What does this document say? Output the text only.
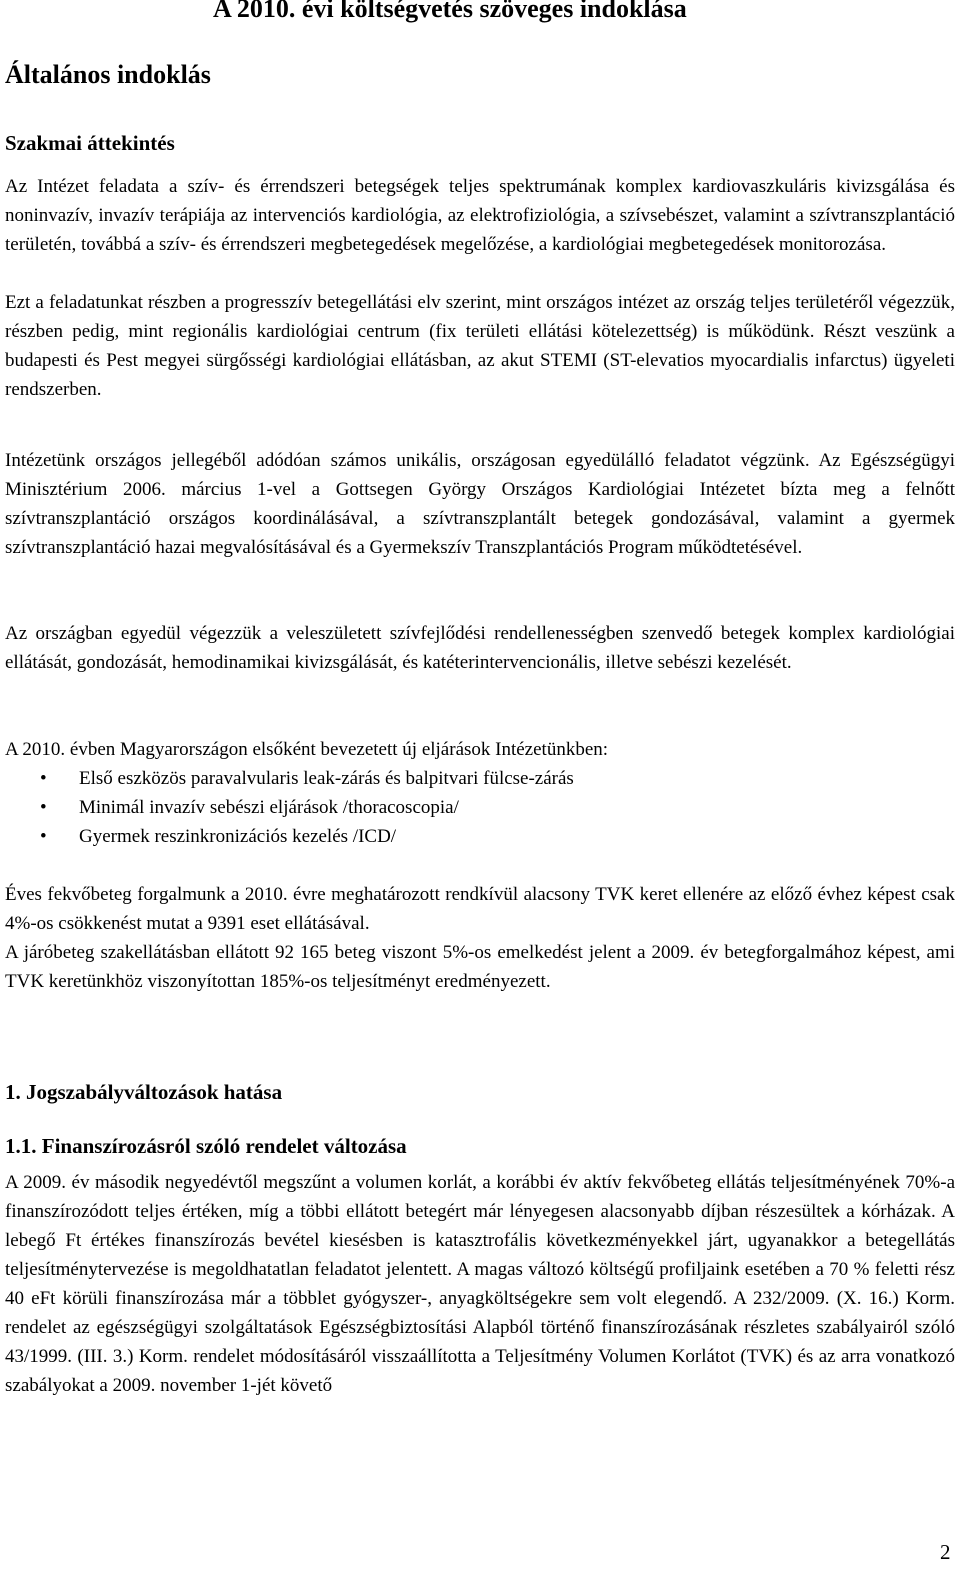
A 2010. évi költségvetés szöveges indoklása
Általános indoklás
Szakmai áttekintés

Az Intézet feladata a szív- és érrendszeri betegségek teljes spektrumának komplex kardiovaszkuláris kivizsgálása és noninvazív, invazív terápiája az intervenciós kardiológia, az elektrofiziológia, a szívsebészet, valamint a szívtranszplantáció területén, továbbá a szív- és érrendszeri megbetegedések megelőzése, a kardiológiai megbetegedések monitorozása.

Ezt a feladatunkat részben a progresszív betegellátási elv szerint, mint országos intézet az ország teljes területéről végezzük, részben pedig, mint regionális kardiológiai centrum (fix területi ellátási kötelezettség) is működünk. Részt veszünk a budapesti és Pest megyei sürgősségi kardiológiai ellátásban, az akut STEMI (ST-elevatios myocardialis infarctus) ügyeleti rendszerben.

Intézetünk országos jellegéből adódóan számos unikális, országosan egyedülálló feladatot végzünk. Az Egészségügyi Minisztérium 2006. március 1-vel a Gottsegen György Országos Kardiológiai Intézetet bízta meg a felnőtt szívtranszplantáció országos koordinálásával, a szívtranszplantált betegek gondozásával, valamint a gyermek szívtranszplantáció hazai megvalósításával és a Gyermekszív Transzplantációs Program működtetésével.

Az országban egyedül végezzük a veleszületett szívfejlődési rendellenességben szenvedő betegek komplex kardiológiai ellátását, gondozását, hemodinamikai kivizsgálását, és katéterintervencionális, illetve sebészi kezelését.

A 2010. évben Magyarországon elsőként bevezetett új eljárások Intézetünkben:

• Első eszközös paravalvularis leak-zárás és balpitvari fülcse-zárás
• Minimál invazív sebészi eljárások /thoracoscopia/
• Gyermek reszinkronizációs kezelés /ICD/

Éves fekvőbeteg forgalmunk a 2010. évre meghatározott rendkívül alacsony TVK keret ellenére az előző évhez képest csak 4%-os csökkenést mutat a 9391 eset ellátásával.

A járóbeteg szakellátásban ellátott 92 165 beteg viszont 5%-os emelkedést jelent a 2009. év betegforgalmához képest, ami TVK keretünkhöz viszonyítottan 185%-os teljesítményt eredményezett.

1. Jogszabályváltozások hatása
1.1. Finanszírozásról szóló rendelet változása

A 2009. év második negyedévtől megszűnt a volumen korlát, a korábbi év aktív fekvőbeteg ellátás teljesítményének 70%-a finanszírozódott teljes értéken, míg a többi ellátott betegért már lényegesen alacsonyabb díjban részesültek a kórházak. A lebegő Ft értékes finanszírozás bevétel kiesésben is katasztrofális következményekkel járt, ugyanakkor a betegellátás teljesítménytervezése is megoldhatatlan feladatot jelentett. A magas változó költségű profiljaink esetében a 70 % feletti rész 40 eFt körüli finanszírozása már a többlet gyógyszer-, anyagköltségekre sem volt elegendő. A 232/2009. (X. 16.) Korm. rendelet az egészségügyi szolgáltatások Egészségbiztosítási Alapból történő finanszírozásának részletes szabályairól szóló 43/1999. (III. 3.) Korm. rendelet módosításáról visszaállította a Teljesítmény Volumen Korlátot (TVK) és az arra vonatkozó szabályokat a 2009. november 1-jét követő

2
